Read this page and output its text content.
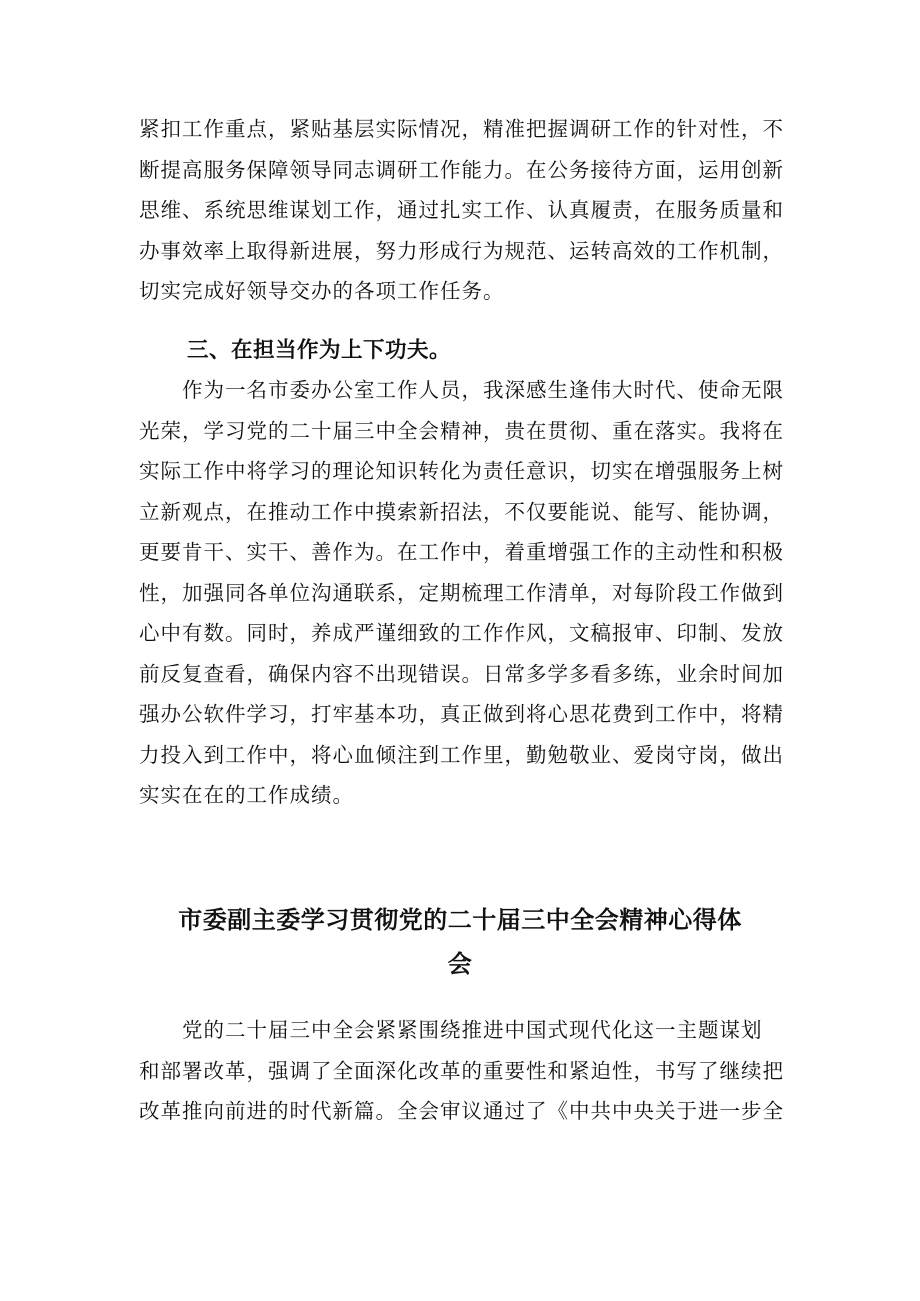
紧扣工作重点，紧贴基层实际情况，精准把握调研工作的针对性，不
断提高服务保障领导同志调研工作能力。在公务接待方面，运用创新
思维、系统思维谋划工作，通过扎实工作、认真履责，在服务质量和
办事效率上取得新进展，努力形成行为规范、运转高效的工作机制，
切实完成好领导交办的各项工作任务。
三、在担当作为上下功夫。
　　作为一名市委办公室工作人员，我深感生逢伟大时代、使命无限
光荣，学习党的二十届三中全会精神，贵在贯彻、重在落实。我将在
实际工作中将学习的理论知识转化为责任意识，切实在增强服务上树
立新观点，在推动工作中摸索新招法，不仅要能说、能写、能协调，
更要肯干、实干、善作为。在工作中，着重增强工作的主动性和积极
性，加强同各单位沟通联系，定期梳理工作清单，对每阶段工作做到
心中有数。同时，养成严谨细致的工作作风，文稿报审、印制、发放
前反复查看，确保内容不出现错误。日常多学多看多练，业余时间加
强办公软件学习，打牢基本功，真正做到将心思花费到工作中，将精
力投入到工作中，将心血倾注到工作里，勤勉敬业、爱岗守岗，做出
实实在在的工作成绩。
市委副主委学习贯彻党的二十届三中全会精神心得体
会
　　党的二十届三中全会紧紧围绕推进中国式现代化这一主题谋划
和部署改革，强调了全面深化改革的重要性和紧迫性，书写了继续把
改革推向前进的时代新篇。全会审议通过了《中共中央关于进一步全
